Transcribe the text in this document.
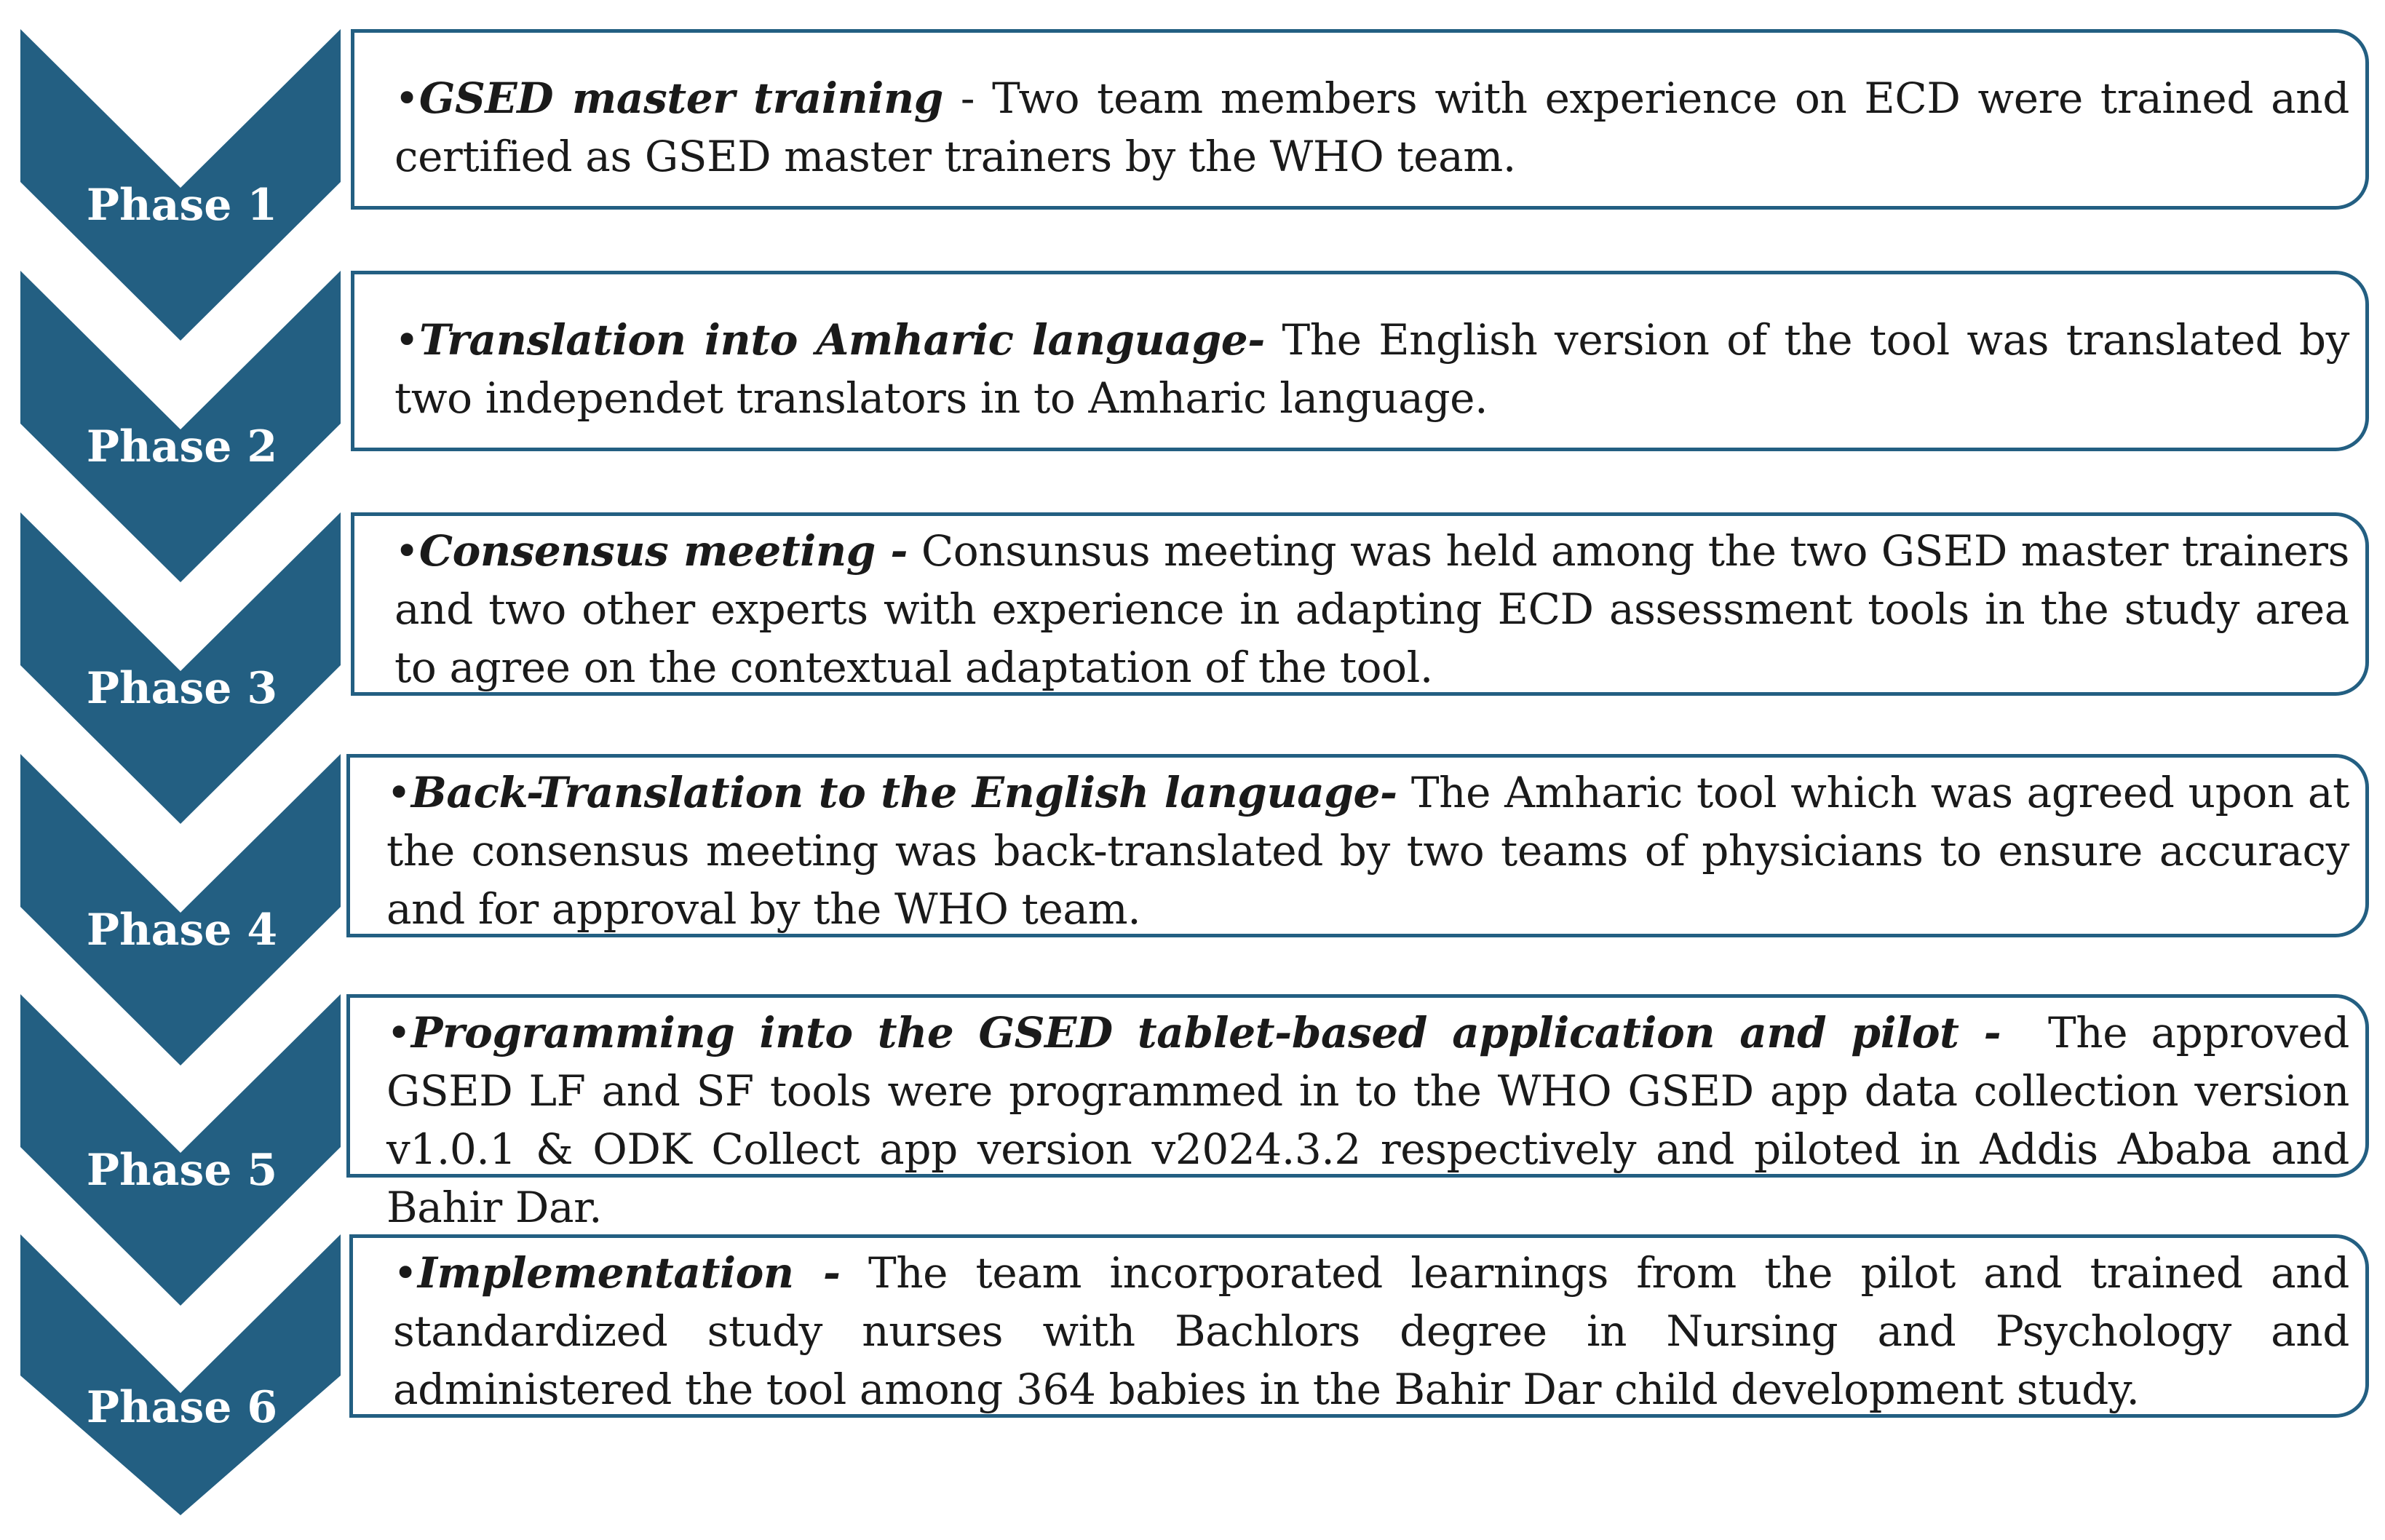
Phase 1
•GSED master training - Two team members with experience on ECD were trained and certified as GSED master trainers by the WHO team.
Phase 2
•Translation into Amharic language- The English version of the tool was translated by two independet translators in to Amharic language.
Phase 3
•Consensus meeting - Consunsus meeting was held among the two GSED master trainers and two other experts with experience in adapting ECD assessment tools in the study area to agree on the contextual adaptation of the tool.
Phase 4
•Back-Translation to the English language- The Amharic tool which was agreed upon at the consensus meeting was back-translated by two teams of physicians to ensure accuracy and for approval by the WHO team.
Phase 5
•Programming into the GSED tablet-based application and pilot - The approved GSED LF and SF tools were programmed in to the WHO GSED app data collection version v1.0.1 & ODK Collect app version v2024.3.2 respectively and piloted in Addis Ababa and Bahir Dar.
Phase 6
•Implementation - The team incorporated learnings from the pilot and trained and standardized study nurses with Bachlors degree in Nursing and Psychology and administered the tool among 364 babies in the Bahir Dar child development study.
